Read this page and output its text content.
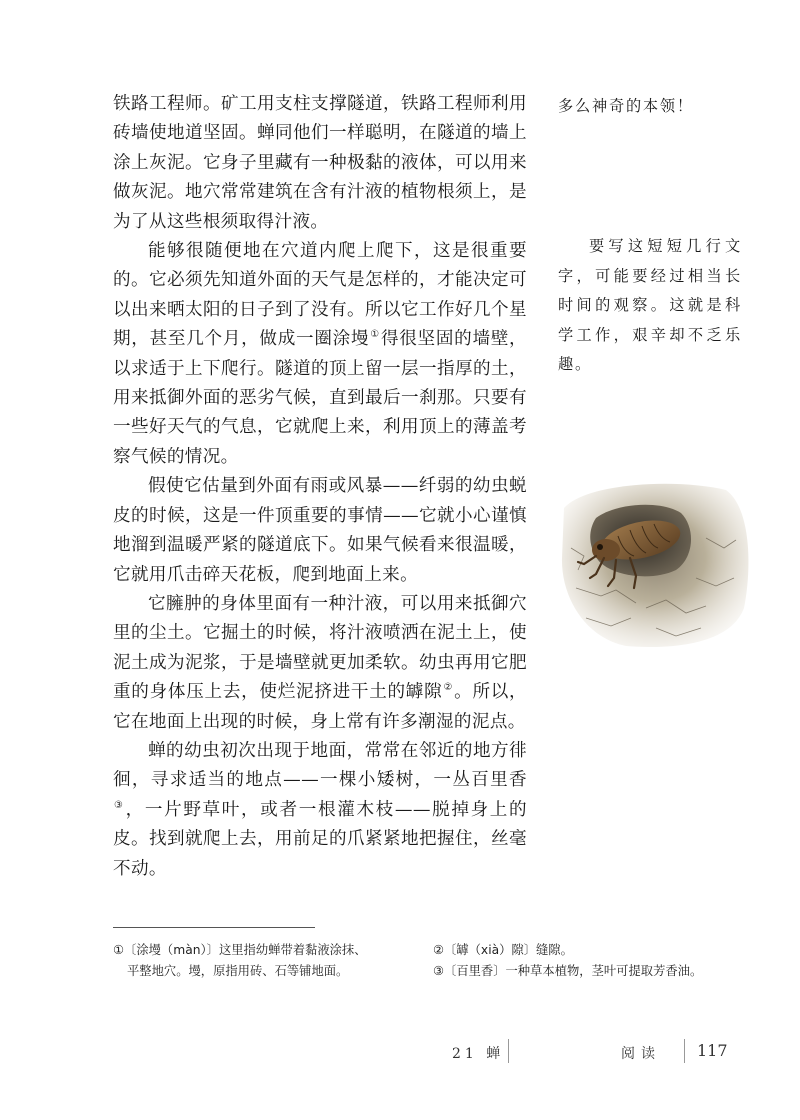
铁路工程师。矿工用支柱支撑隧道，铁路工程师利用砖墙使地道坚固。蝉同他们一样聪明，在隧道的墙上涂上灰泥。它身子里藏有一种极黏的液体，可以用来做灰泥。地穴常常建筑在含有汁液的植物根须上，是为了从这些根须取得汁液。

能够很随便地在穴道内爬上爬下，这是很重要的。它必须先知道外面的天气是怎样的，才能决定可以出来晒太阳的日子到了没有。所以它工作好几个星期，甚至几个月，做成一圈涂墁①得很坚固的墙壁，以求适于上下爬行。隧道的顶上留一层一指厚的土，用来抵御外面的恶劣气候，直到最后一刹那。只要有一些好天气的气息，它就爬上来，利用顶上的薄盖考察气候的情况。

假使它估量到外面有雨或风暴——纤弱的幼虫蜕皮的时候，这是一件顶重要的事情——它就小心谨慎地溜到温暖严紧的隧道底下。如果气候看来很温暖，它就用爪击碎天花板，爬到地面上来。

它臃肿的身体里面有一种汁液，可以用来抵御穴里的尘土。它掘土的时候，将汁液喷洒在泥土上，使泥土成为泥浆，于是墙壁就更加柔软。幼虫再用它肥重的身体压上去，使烂泥挤进干土的罅隙②。所以，它在地面上出现的时候，身上常有许多潮湿的泥点。

蝉的幼虫初次出现于地面，常常在邻近的地方徘徊，寻求适当的地点——一棵小矮树，一丛百里香③，一片野草叶，或者一根灌木枝——脱掉身上的皮。找到就爬上去，用前足的爪紧紧地把握住，丝毫不动。

多么神奇的本领！
要写这短短几行文字，可能要经过相当长时间的观察。这就是科学工作，艰辛却不乏乐趣。

①〔涂墁（màn）〕这里指幼蝉带着黏液涂抹、

平整地穴。墁，原指用砖、石等铺地面。

②〔罅（xià）隙〕缝隙。

③〔百里香〕一种草本植物，茎叶可提取芳香油。

21 蝉	阅读 117
